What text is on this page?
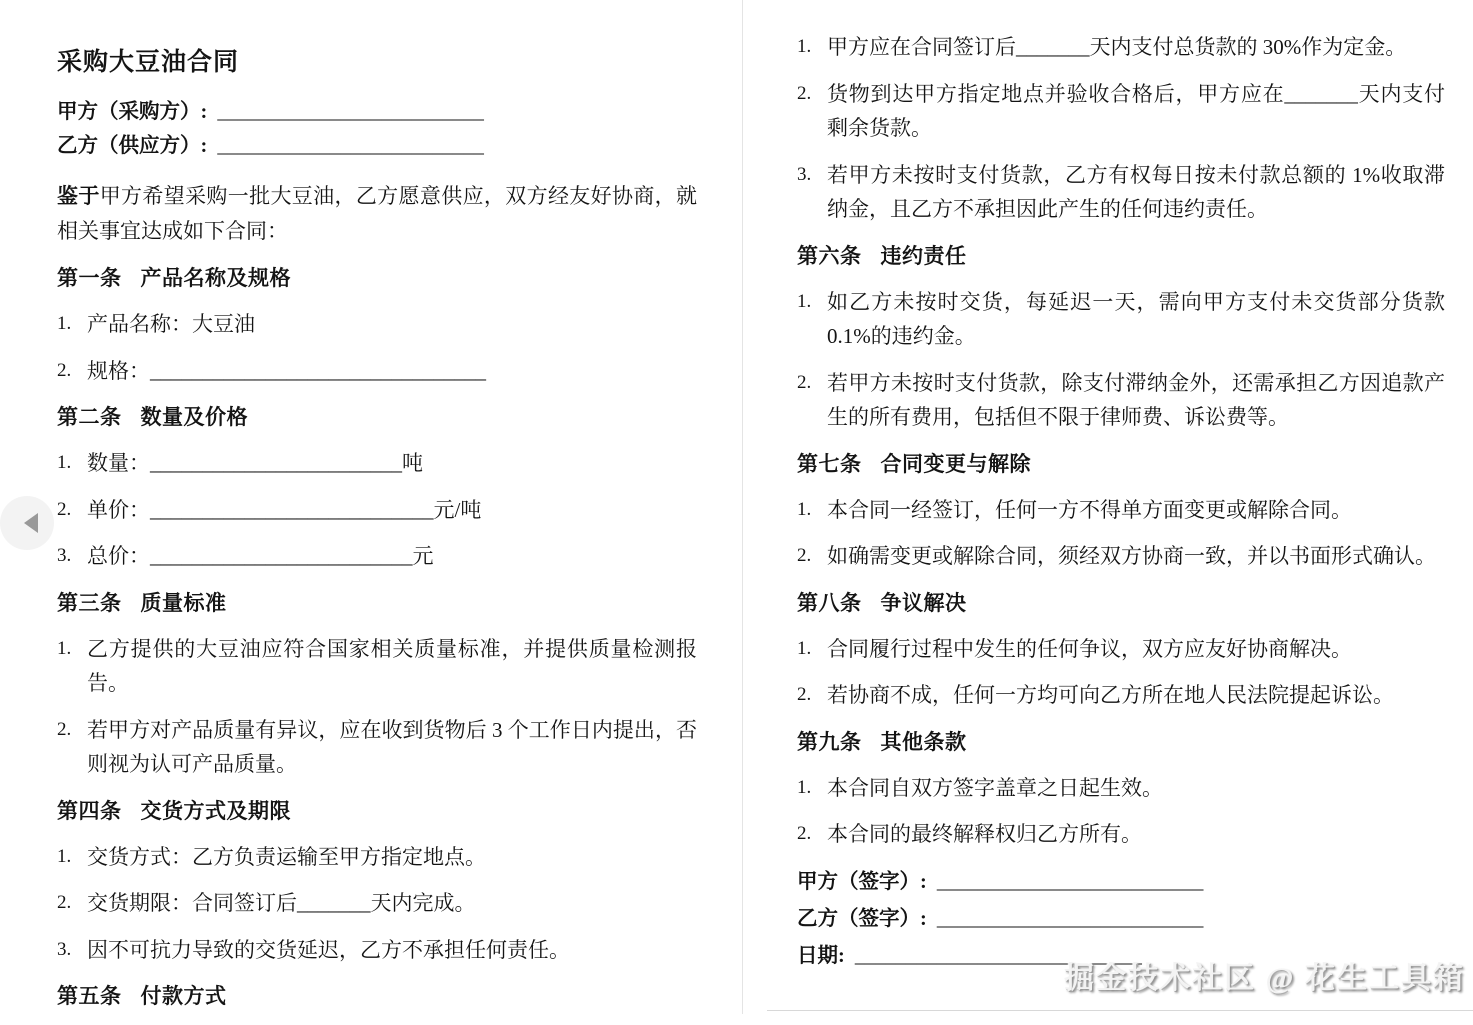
采购大豆油合同
甲方（采购方）: __________________________
乙方（供应方）: __________________________
鉴于甲方希望采购一批大豆油，乙方愿意供应，双方经友好协商，就相关事宜达成如下合同：
第一条 产品名称及规格
1. 产品名称：大豆油
2. 规格：________________________________
第二条 数量及价格
1. 数量：________________________吨
2. 单价：___________________________元/吨
3. 总价：_________________________元
第三条 质量标准
1. 乙方提供的大豆油应符合国家相关质量标准，并提供质量检测报告。
2. 若甲方对产品质量有异议，应在收到货物后 3 个工作日内提出，否则视为认可产品质量。
第四条 交货方式及期限
1. 交货方式：乙方负责运输至甲方指定地点。
2. 交货期限：合同签订后_______天内完成。
3. 因不可抗力导致的交货延迟，乙方不承担任何责任。
第五条 付款方式
1. 甲方应在合同签订后_______天内支付总货款的 30%作为定金。
2. 货物到达甲方指定地点并验收合格后，甲方应在_______天内支付剩余货款。
3. 若甲方未按时支付货款，乙方有权每日按未付款总额的 1%收取滞纳金，且乙方不承担因此产生的任何违约责任。
第六条 违约责任
1. 如乙方未按时交货，每延迟一天，需向甲方支付未交货部分货款 0.1%的违约金。
2. 若甲方未按时支付货款，除支付滞纳金外，还需承担乙方因追款产生的所有费用，包括但不限于律师费、诉讼费等。
第七条 合同变更与解除
1. 本合同一经签订，任何一方不得单方面变更或解除合同。
2. 如确需变更或解除合同，须经双方协商一致，并以书面形式确认。
第八条 争议解决
1. 合同履行过程中发生的任何争议，双方应友好协商解决。
2. 若协商不成，任何一方均可向乙方所在地人民法院提起诉讼。
第九条 其他条款
1. 本合同自双方签字盖章之日起生效。
2. 本合同的最终解释权归乙方所有。
甲方（签字）: __________________________
乙方（签字）: __________________________
日期: ____________________________
掘金技术社区 @ 花生工具箱
